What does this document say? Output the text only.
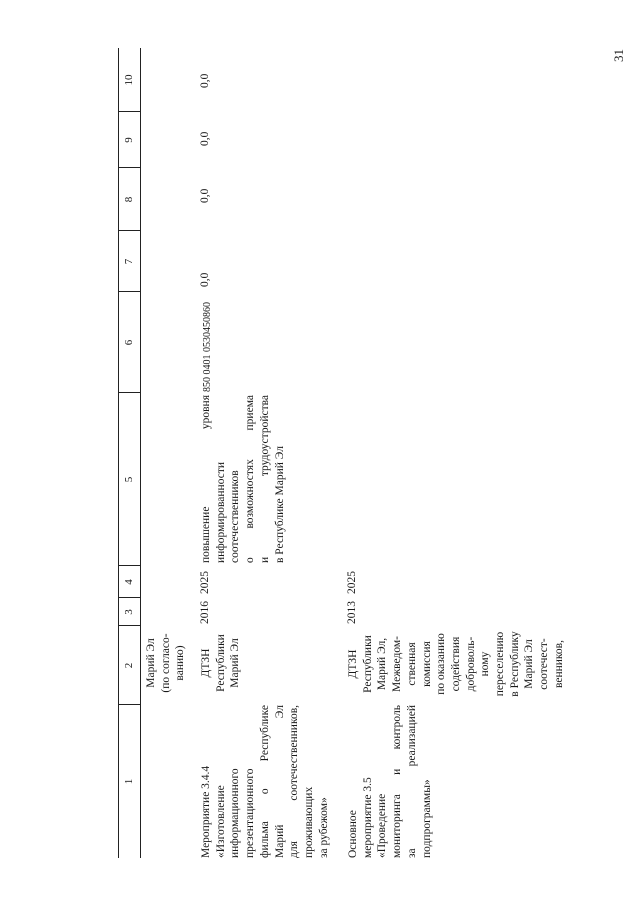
31
1
2
3
4
5
6
7
8
9
10
Марий Эл (по согласо- ванию)
Мероприятие 3.4.4 «Изготовление информационного презентационного фильма о Республике Марий Эл для соотечественников, проживающих за рубежом»
ДТЗН Республики Марий Эл
2016
2025
повышение уровня информированности соотечественников о возможностях приема и трудоустройства в Республике Марий Эл
850 0401 0530450860
0,0
0,0
0,0
0,0
Основное мероприятие 3.5 «Проведение мониторинга и контроль за реализацией подпрограммы»
ДТЗН Республики Марий Эл, Межведом- ственная комиссия по оказанию содействия доброволь- ному переселению в Республику Марий Эл соотечест- венников,
2013
2025
